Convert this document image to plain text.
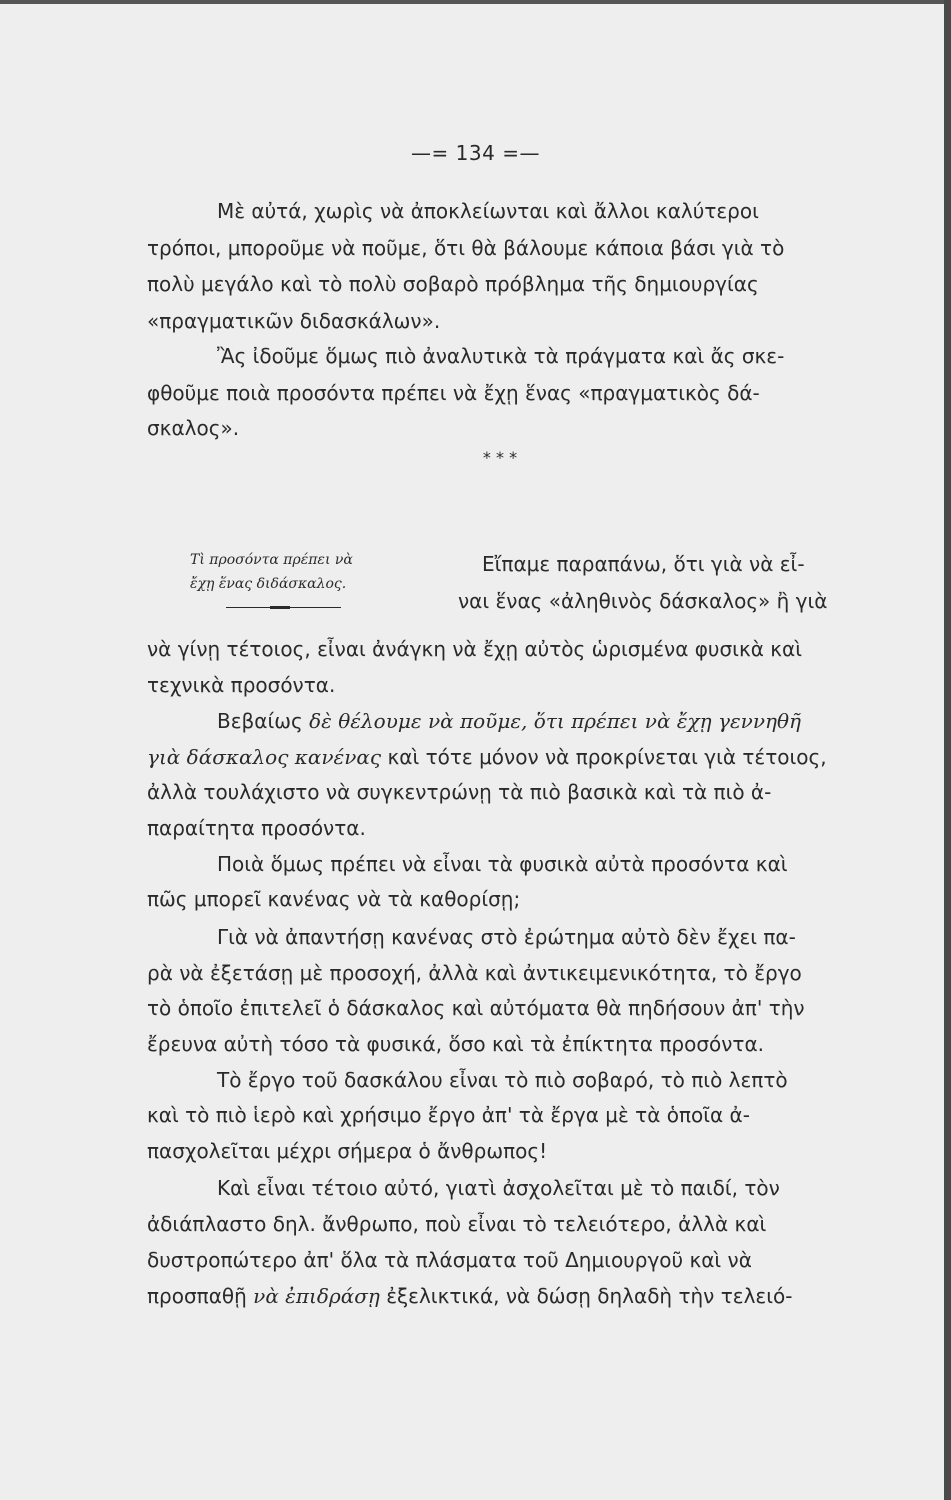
—= 134 =—
Μὲ αὐτά, χωρὶς νὰ ἀποκλείωνται καὶ ἄλλοι καλύτεροι
τρόποι, μποροῦμε νὰ ποῦμε, ὅτι θὰ βάλουμε κάποια βάσι γιὰ τὸ
πολὺ μεγάλο καὶ τὸ πολὺ σοβαρὸ πρόβλημα τῆς δημιουργίας
«πραγματικῶν διδασκάλων».
Ἂς ἰδοῦμε ὅμως πιὸ ἀναλυτικὰ τὰ πράγματα καὶ ἄς σκε-
φθοῦμε ποιὰ προσόντα πρέπει νὰ ἔχῃ ἕνας «πραγματικὸς δά-
σκαλος».
* * *
Τὶ προσόντα πρέπει νὰ
ἔχῃ ἕνας διδάσκαλος.
Εἴπαμε παραπάνω, ὅτι γιὰ νὰ εἶ-
ναι ἕνας «ἀληθινὸς δάσκαλος» ἢ γιὰ
νὰ γίνῃ τέτοιος, εἶναι ἀνάγκη νὰ ἔχῃ αὐτὸς ὡρισμένα φυσικὰ καὶ
τεχνικὰ προσόντα.
Βεβαίως δὲ θέλουμε νὰ ποῦμε, ὅτι πρέπει νὰ ἔχῃ γεννηθῆ
γιὰ δάσκαλος κανένας καὶ τότε μόνον νὰ προκρίνεται γιὰ τέτοιος,
ἀλλὰ τουλάχιστο νὰ συγκεντρώνῃ τὰ πιὸ βασικὰ καὶ τὰ πιὸ ἀ-
παραίτητα προσόντα.
Ποιὰ ὅμως πρέπει νὰ εἶναι τὰ φυσικὰ αὐτὰ προσόντα καὶ
πῶς μπορεῖ κανένας νὰ τὰ καθορίσῃ;
Γιὰ νὰ ἀπαντήσῃ κανένας στὸ ἐρώτημα αὐτὸ δὲν ἔχει πα-
ρὰ νὰ ἐξετάσῃ μὲ προσοχή, ἀλλὰ καὶ ἀντικειμενικότητα, τὸ ἔργο
τὸ ὁποῖο ἐπιτελεῖ ὁ δάσκαλος καὶ αὐτόματα θὰ πηδήσουν ἀπ' τὴν
ἔρευνα αὐτὴ τόσο τὰ φυσικά, ὅσο καὶ τὰ ἐπίκτητα προσόντα.
Τὸ ἔργο τοῦ δασκάλου εἶναι τὸ πιὸ σοβαρό, τὸ πιὸ λεπτὸ
καὶ τὸ πιὸ ἱερὸ καὶ χρήσιμο ἔργο ἀπ' τὰ ἔργα μὲ τὰ ὁποῖα ἀ-
πασχολεῖται μέχρι σήμερα ὁ ἄνθρωπος!
Καὶ εἶναι τέτοιο αὐτό, γιατὶ ἀσχολεῖται μὲ τὸ παιδί, τὸν
ἀδιάπλαστο δηλ. ἄνθρωπο, ποὺ εἶναι τὸ τελειότερο, ἀλλὰ καὶ
δυστροπώτερο ἀπ' ὅλα τὰ πλάσματα τοῦ Δημιουργοῦ καὶ νὰ
προσπαθῇ νὰ ἐπιδράσῃ ἐξελικτικά, νὰ δώσῃ δηλαδὴ τὴν τελειό-
